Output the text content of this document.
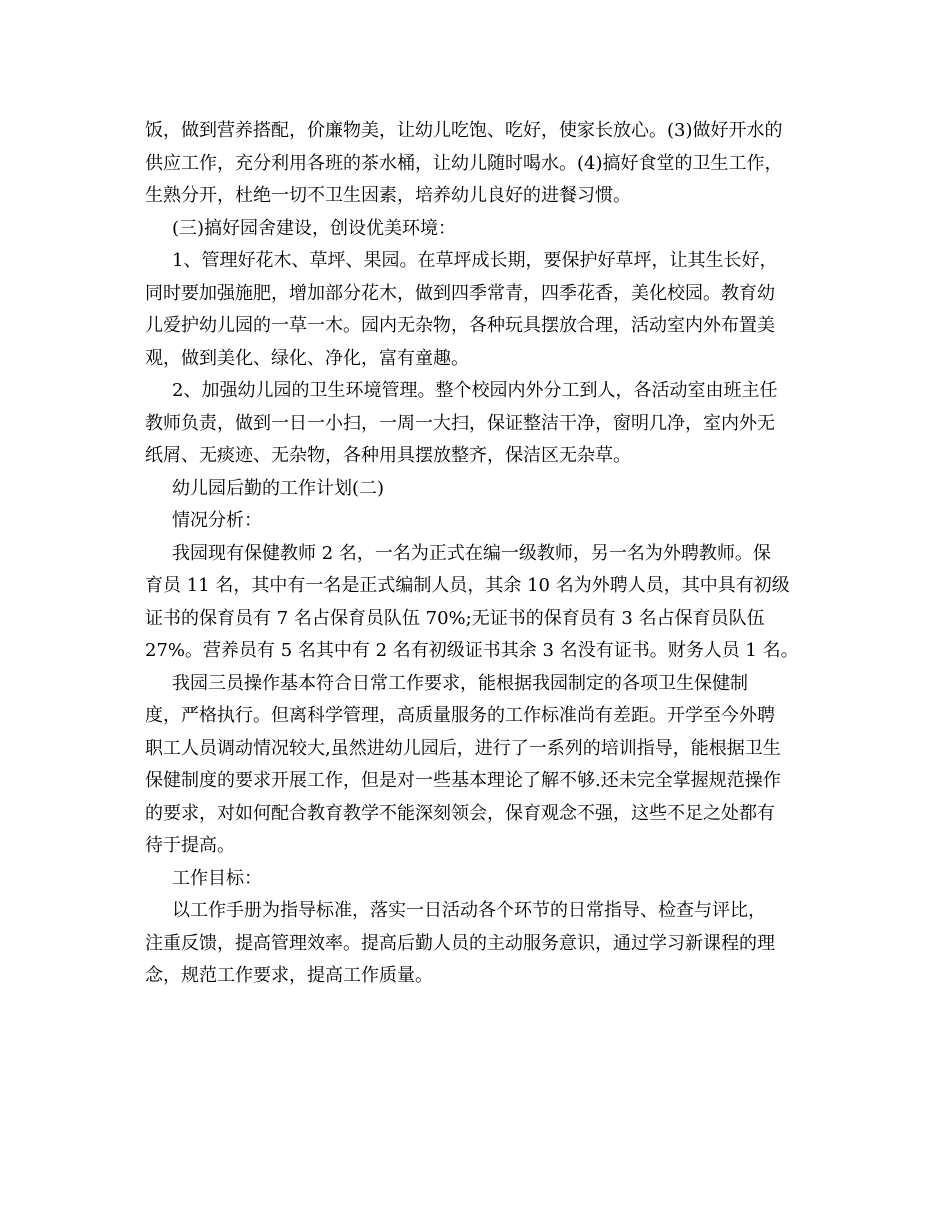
饭，做到营养搭配，价廉物美，让幼儿吃饱、吃好，使家长放心。(3)做好开水的
供应工作，充分利用各班的茶水桶，让幼儿随时喝水。(4)搞好食堂的卫生工作，
生熟分开，杜绝一切不卫生因素，培养幼儿良好的进餐习惯。
(三)搞好园舍建设，创设优美环境：
1、管理好花木、草坪、果园。在草坪成长期，要保护好草坪，让其生长好，
同时要加强施肥，增加部分花木，做到四季常青，四季花香，美化校园。教育幼
儿爱护幼儿园的一草一木。园内无杂物，各种玩具摆放合理，活动室内外布置美
观，做到美化、绿化、净化，富有童趣。
2、加强幼儿园的卫生环境管理。整个校园内外分工到人，各活动室由班主任
教师负责，做到一日一小扫，一周一大扫，保证整洁干净，窗明几净，室内外无
纸屑、无痰迹、无杂物，各种用具摆放整齐，保洁区无杂草。
幼儿园后勤的工作计划(二)
情况分析：
我园现有保健教师 2 名，一名为正式在编一级教师，另一名为外聘教师。保
育员 11 名，其中有一名是正式编制人员，其余 10 名为外聘人员，其中具有初级
证书的保育员有 7 名占保育员队伍 70%;无证书的保育员有 3 名占保育员队伍
27%。营养员有 5 名其中有 2 名有初级证书其余 3 名没有证书。财务人员 1 名。
我园三员操作基本符合日常工作要求，能根据我园制定的各项卫生保健制
度，严格执行。但离科学管理，高质量服务的工作标准尚有差距。开学至今外聘
职工人员调动情况较大,虽然进幼儿园后，进行了一系列的培训指导，能根据卫生
保健制度的要求开展工作，但是对一些基本理论了解不够.还未完全掌握规范操作
的要求，对如何配合教育教学不能深刻领会，保育观念不强，这些不足之处都有
待于提高。
工作目标：
以工作手册为指导标准，落实一日活动各个环节的日常指导、检查与评比，
注重反馈，提高管理效率。提高后勤人员的主动服务意识，通过学习新课程的理
念，规范工作要求，提高工作质量。
